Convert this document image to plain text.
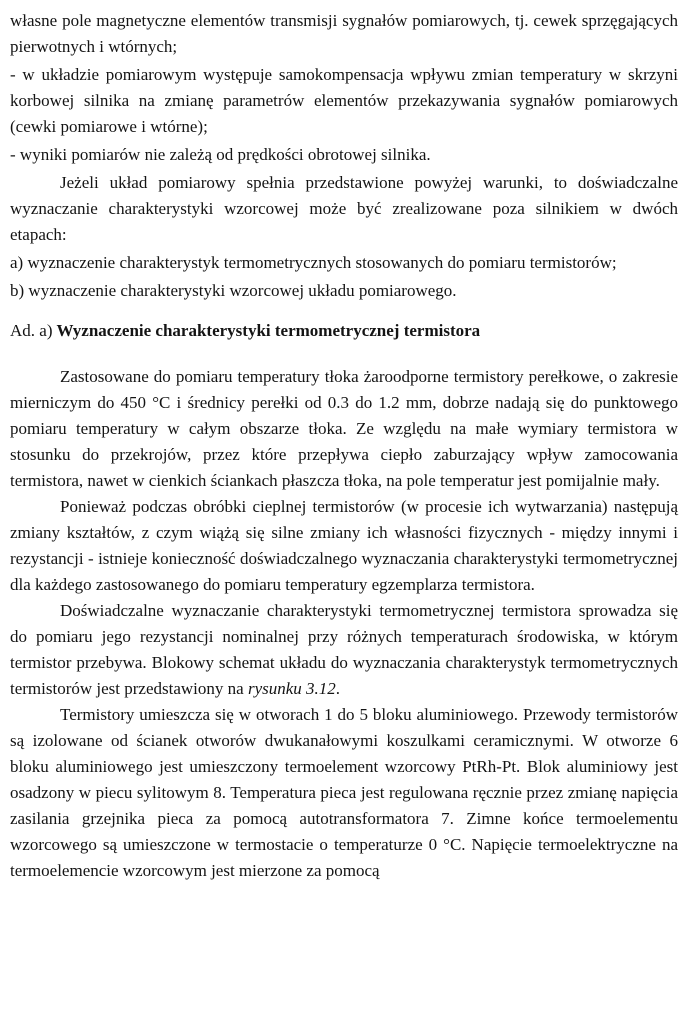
własne pole magnetyczne elementów transmisji sygnałów pomiarowych, tj. cewek sprzęgających pierwotnych i wtórnych;

- w układzie pomiarowym występuje samokompensacja wpływu zmian temperatury w skrzyni korbowej silnika na zmianę parametrów elementów przekazywania sygnałów pomiarowych (cewki pomiarowe i wtórne);

- wyniki pomiarów nie zależą od prędkości obrotowej silnika.

Jeżeli układ pomiarowy spełnia przedstawione powyżej warunki, to doświadczalne wyznaczanie charakterystyki wzorcowej może być zrealizowane poza silnikiem w dwóch etapach:

a) wyznaczenie charakterystyk termometrycznych stosowanych do pomiaru termistorów;

b) wyznaczenie charakterystyki wzorcowej układu pomiarowego.

Ad. a) Wyznaczenie charakterystyki termometrycznej termistora

Zastosowane do pomiaru temperatury tłoka żaroodporne termistory perełkowe, o zakresie mierniczym do 450 °C i średnicy perełki od 0.3 do 1.2 mm, dobrze nadają się do punktowego pomiaru temperatury w całym obszarze tłoka. Ze względu na małe wymiary termistora w stosunku do przekrojów, przez które przepływa ciepło zaburzający wpływ zamocowania termistora, nawet w cienkich ściankach płaszcza tłoka, na pole temperatur jest pomijalnie mały.

Ponieważ podczas obróbki cieplnej termistorów (w procesie ich wytwarzania) następują zmiany kształtów, z czym wiążą się silne zmiany ich własności fizycznych - między innymi i rezystancji - istnieje konieczność doświadczalnego wyznaczania charakterystyki termometrycznej dla każdego zastosowanego do pomiaru temperatury egzemplarza termistora.

Doświadczalne wyznaczanie charakterystyki termometrycznej termistora sprowadza się do pomiaru jego rezystancji nominalnej przy różnych temperaturach środowiska, w którym termistor przebywa. Blokowy schemat układu do wyznaczania charakterystyk termometrycznych termistorów jest przedstawiony na rysunku 3.12.

Termistory umieszcza się w otworach 1 do 5 bloku aluminiowego. Przewody termistorów są izolowane od ścianek otworów dwukanałowymi koszulkami ceramicznymi. W otworze 6 bloku aluminiowego jest umieszczony termoelement wzorcowy PtRh-Pt. Blok aluminiowy jest osadzony w piecu sylitowym 8. Temperatura pieca jest regulowana ręcznie przez zmianę napięcia zasilania grzejnika pieca za pomocą autotransformatora 7. Zimne końce termoelementu wzorcowego są umieszczone w termostacie o temperaturze 0 °C. Napięcie termoelektryczne na termoelemencie wzorcowym jest mierzone za pomocą
